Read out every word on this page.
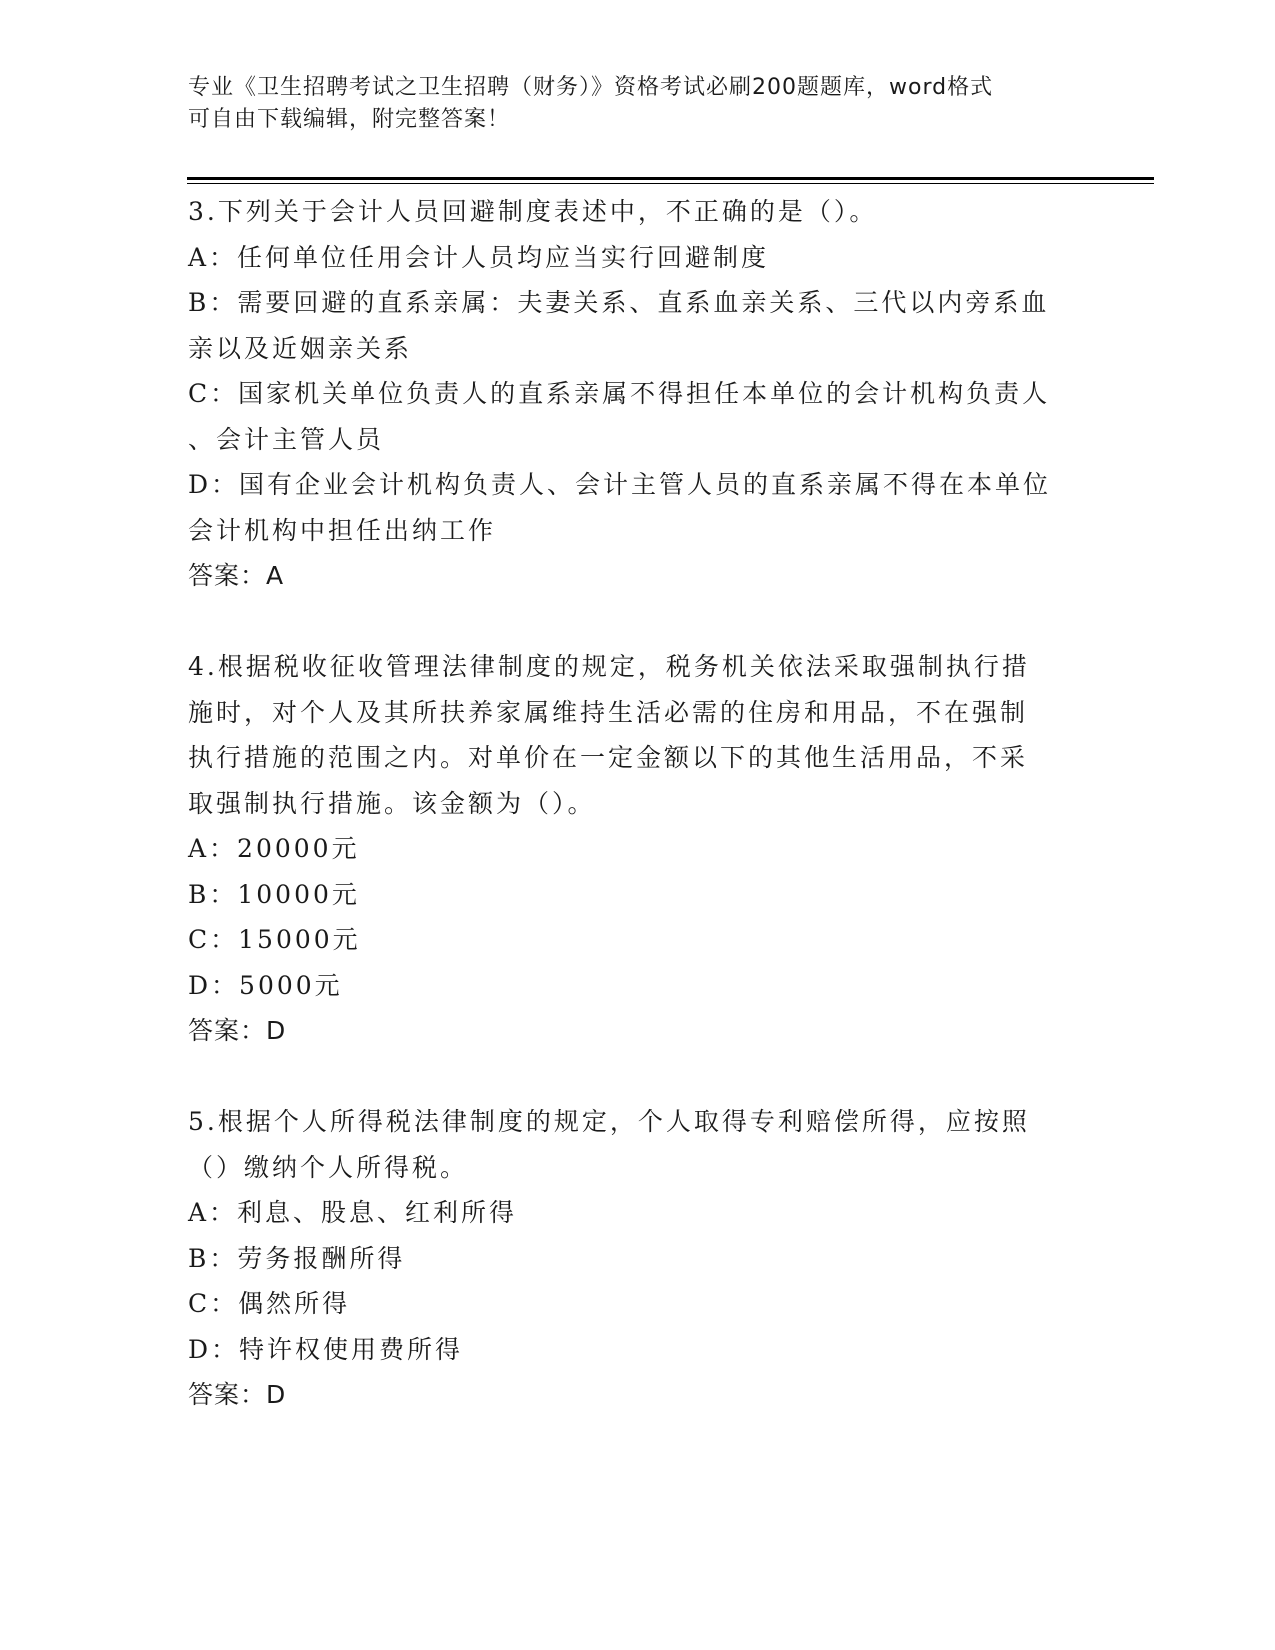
专业《卫生招聘考试之卫生招聘（财务）》资格考试必刷200题题库，word格式
可自由下载编辑，附完整答案！

3.下列关于会计人员回避制度表述中，不正确的是（）。

A：任何单位任用会计人员均应当实行回避制度

B：需要回避的直系亲属：夫妻关系、直系血亲关系、三代以内旁系血

亲以及近姻亲关系

C：国家机关单位负责人的直系亲属不得担任本单位的会计机构负责人

、会计主管人员

D：国有企业会计机构负责人、会计主管人员的直系亲属不得在本单位

会计机构中担任出纳工作

答案：A

4.根据税收征收管理法律制度的规定，税务机关依法采取强制执行措

施时，对个人及其所扶养家属维持生活必需的住房和用品，不在强制

执行措施的范围之内。对单价在一定金额以下的其他生活用品，不采

取强制执行措施。该金额为（）。

A：20000元

B：10000元

C：15000元

D：5000元

答案：D

5.根据个人所得税法律制度的规定，个人取得专利赔偿所得，应按照

（）缴纳个人所得税。

A：利息、股息、红利所得

B：劳务报酬所得

C：偶然所得

D：特许权使用费所得

答案：D
